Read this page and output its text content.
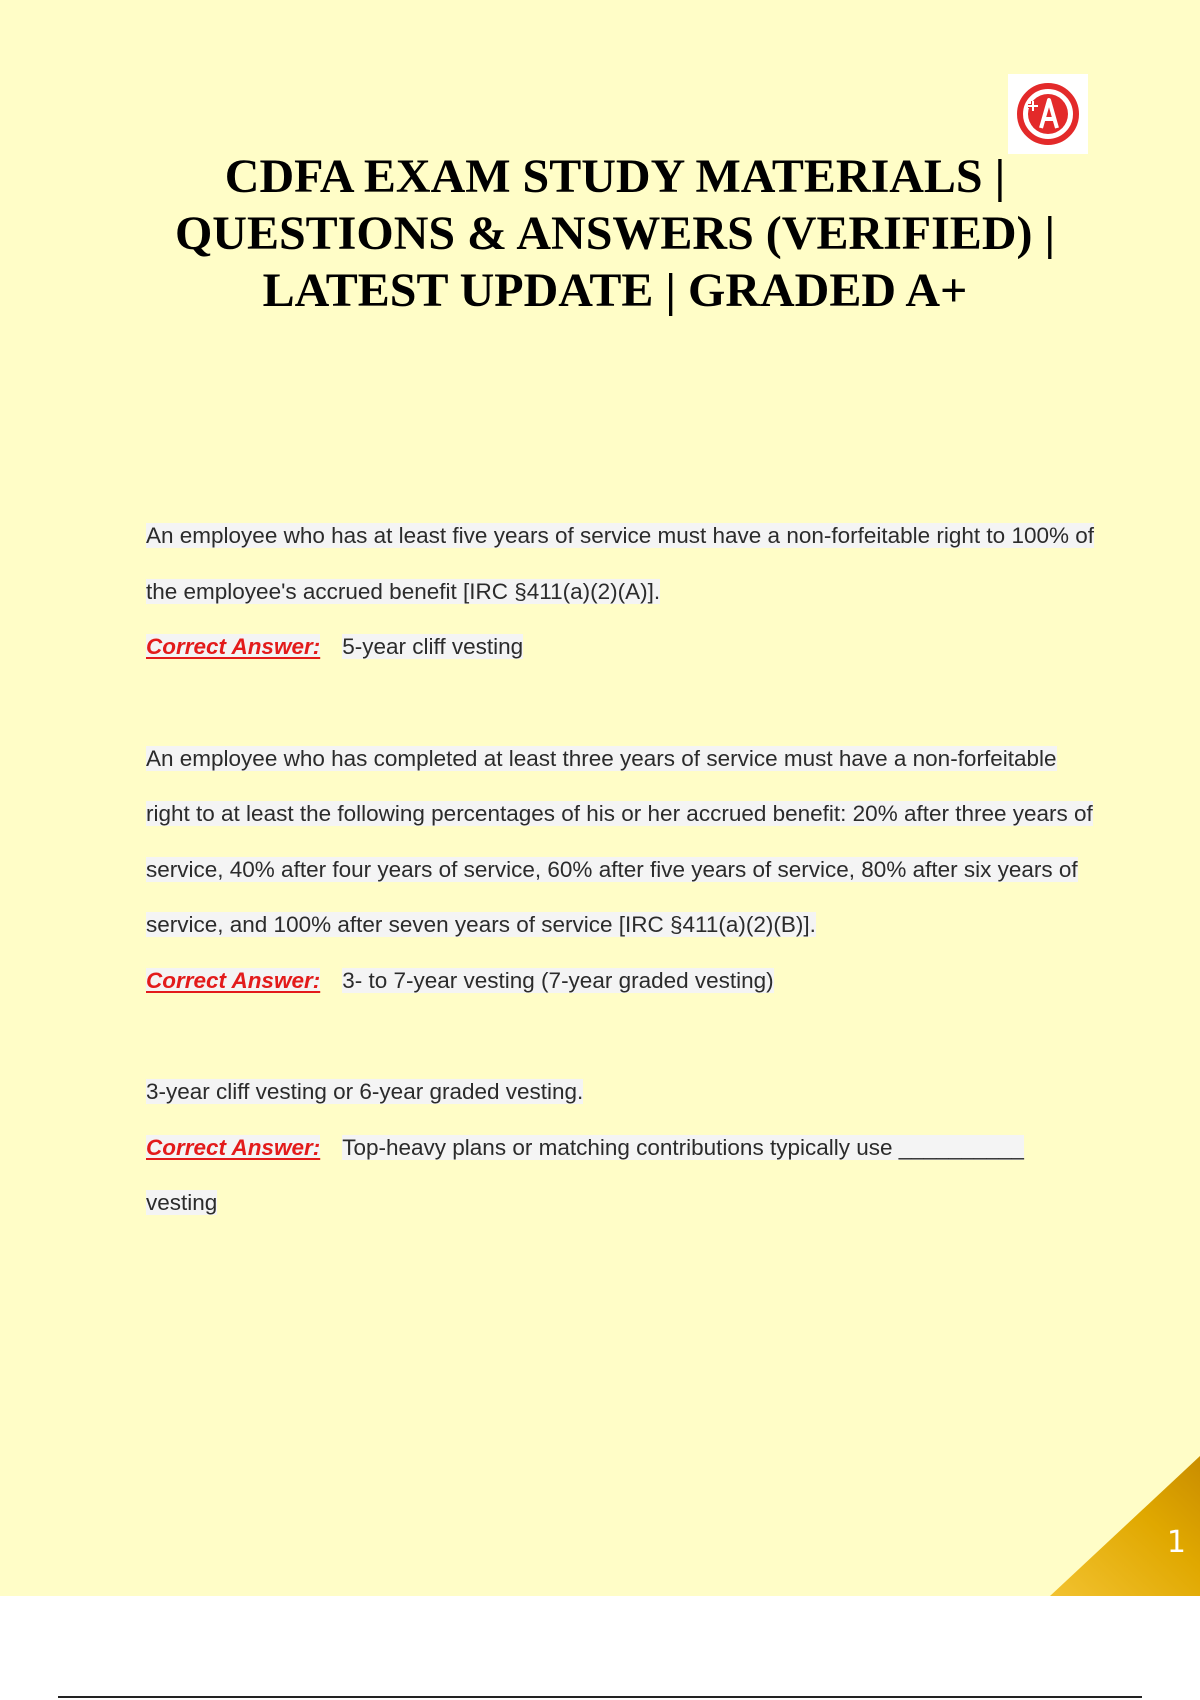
CDFA EXAM STUDY MATERIALS | QUESTIONS & ANSWERS (VERIFIED) | LATEST UPDATE | GRADED A+
An employee who has at least five years of service must have a non-forfeitable right to 100% of the employee's accrued benefit [IRC §411(a)(2)(A)].
Correct Answer: 5-year cliff vesting
An employee who has completed at least three years of service must have a non-forfeitable right to at least the following percentages of his or her accrued benefit: 20% after three years of service, 40% after four years of service, 60% after five years of service, 80% after six years of service, and 100% after seven years of service [IRC §411(a)(2)(B)].
Correct Answer: 3- to 7-year vesting (7-year graded vesting)
3-year cliff vesting or 6-year graded vesting.
Correct Answer: Top-heavy plans or matching contributions typically use __________ vesting
1
